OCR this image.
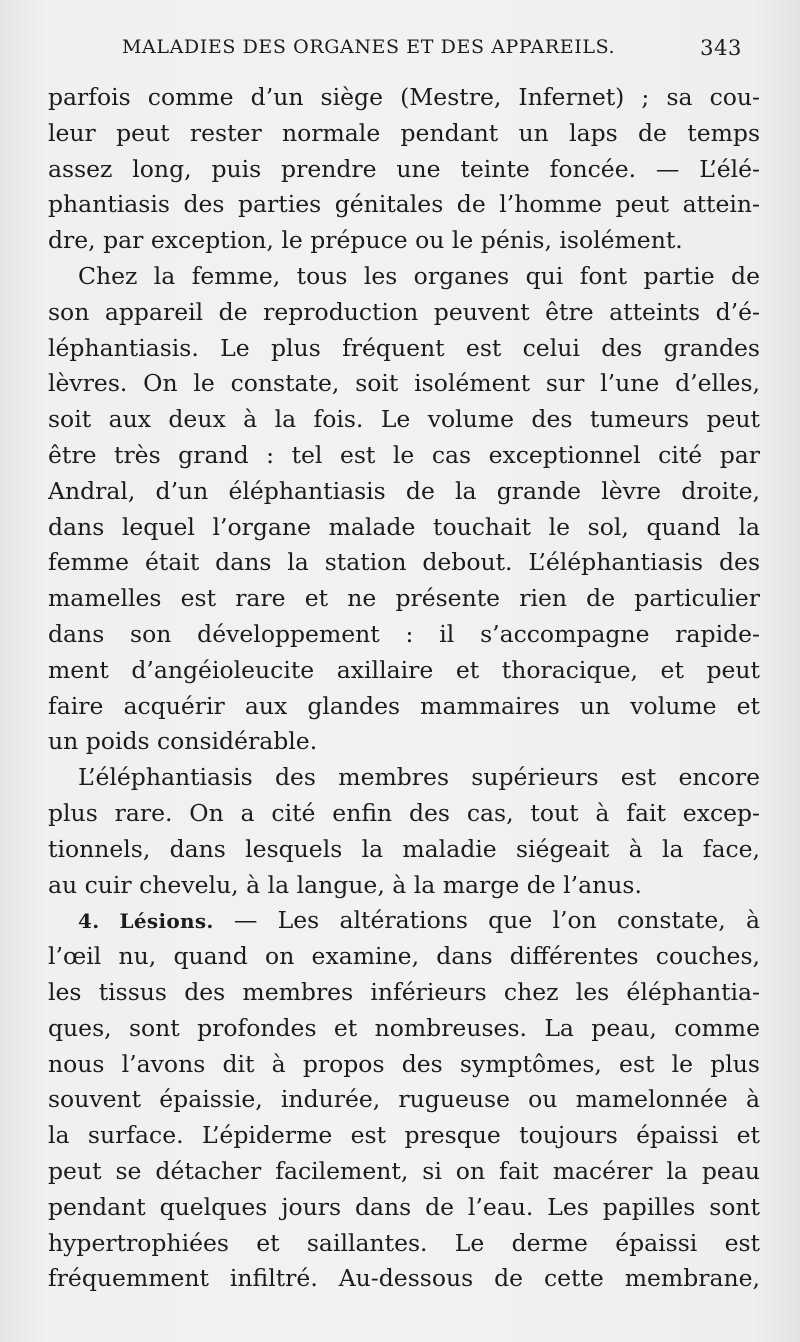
MALADIES DES ORGANES ET DES APPAREILS.	343
parfois comme d’un siège (Mestre, Infernet) ; sa cou-
leur peut rester normale pendant un laps de temps
assez long, puis prendre une teinte foncée. — L’élé-
phantiasis des parties génitales de l’homme peut attein-
dre, par exception, le prépuce ou le pénis, isolément.
Chez la femme, tous les organes qui font partie de
son appareil de reproduction peuvent être atteints d’é-
léphantiasis. Le plus fréquent est celui des grandes
lèvres. On le constate, soit isolément sur l’une d’elles,
soit aux deux à la fois. Le volume des tumeurs peut
être très grand : tel est le cas exceptionnel cité par
Andral, d’un éléphantiasis de la grande lèvre droite,
dans lequel l’organe malade touchait le sol, quand la
femme était dans la station debout. L’éléphantiasis des
mamelles est rare et ne présente rien de particulier
dans son développement : il s’accompagne rapide-
ment d’angéioleucite axillaire et thoracique, et peut
faire acquérir aux glandes mammaires un volume et
un poids considérable.
L’éléphantiasis des membres supérieurs est encore
plus rare. On a cité enfin des cas, tout à fait excep-
tionnels, dans lesquels la maladie siégeait à la face,
au cuir chevelu, à la langue, à la marge de l’anus.
4. Lésions. — Les altérations que l’on constate, à
l’œil nu, quand on examine, dans différentes couches,
les tissus des membres inférieurs chez les éléphantia-
ques, sont profondes et nombreuses. La peau, comme
nous l’avons dit à propos des symptômes, est le plus
souvent épaissie, indurée, rugueuse ou mamelonnée à
la surface. L’épiderme est presque toujours épaissi et
peut se détacher facilement, si on fait macérer la peau
pendant quelques jours dans de l’eau. Les papilles sont
hypertrophiées et saillantes. Le derme épaissi est
fréquemment infiltré. Au-dessous de cette membrane,
